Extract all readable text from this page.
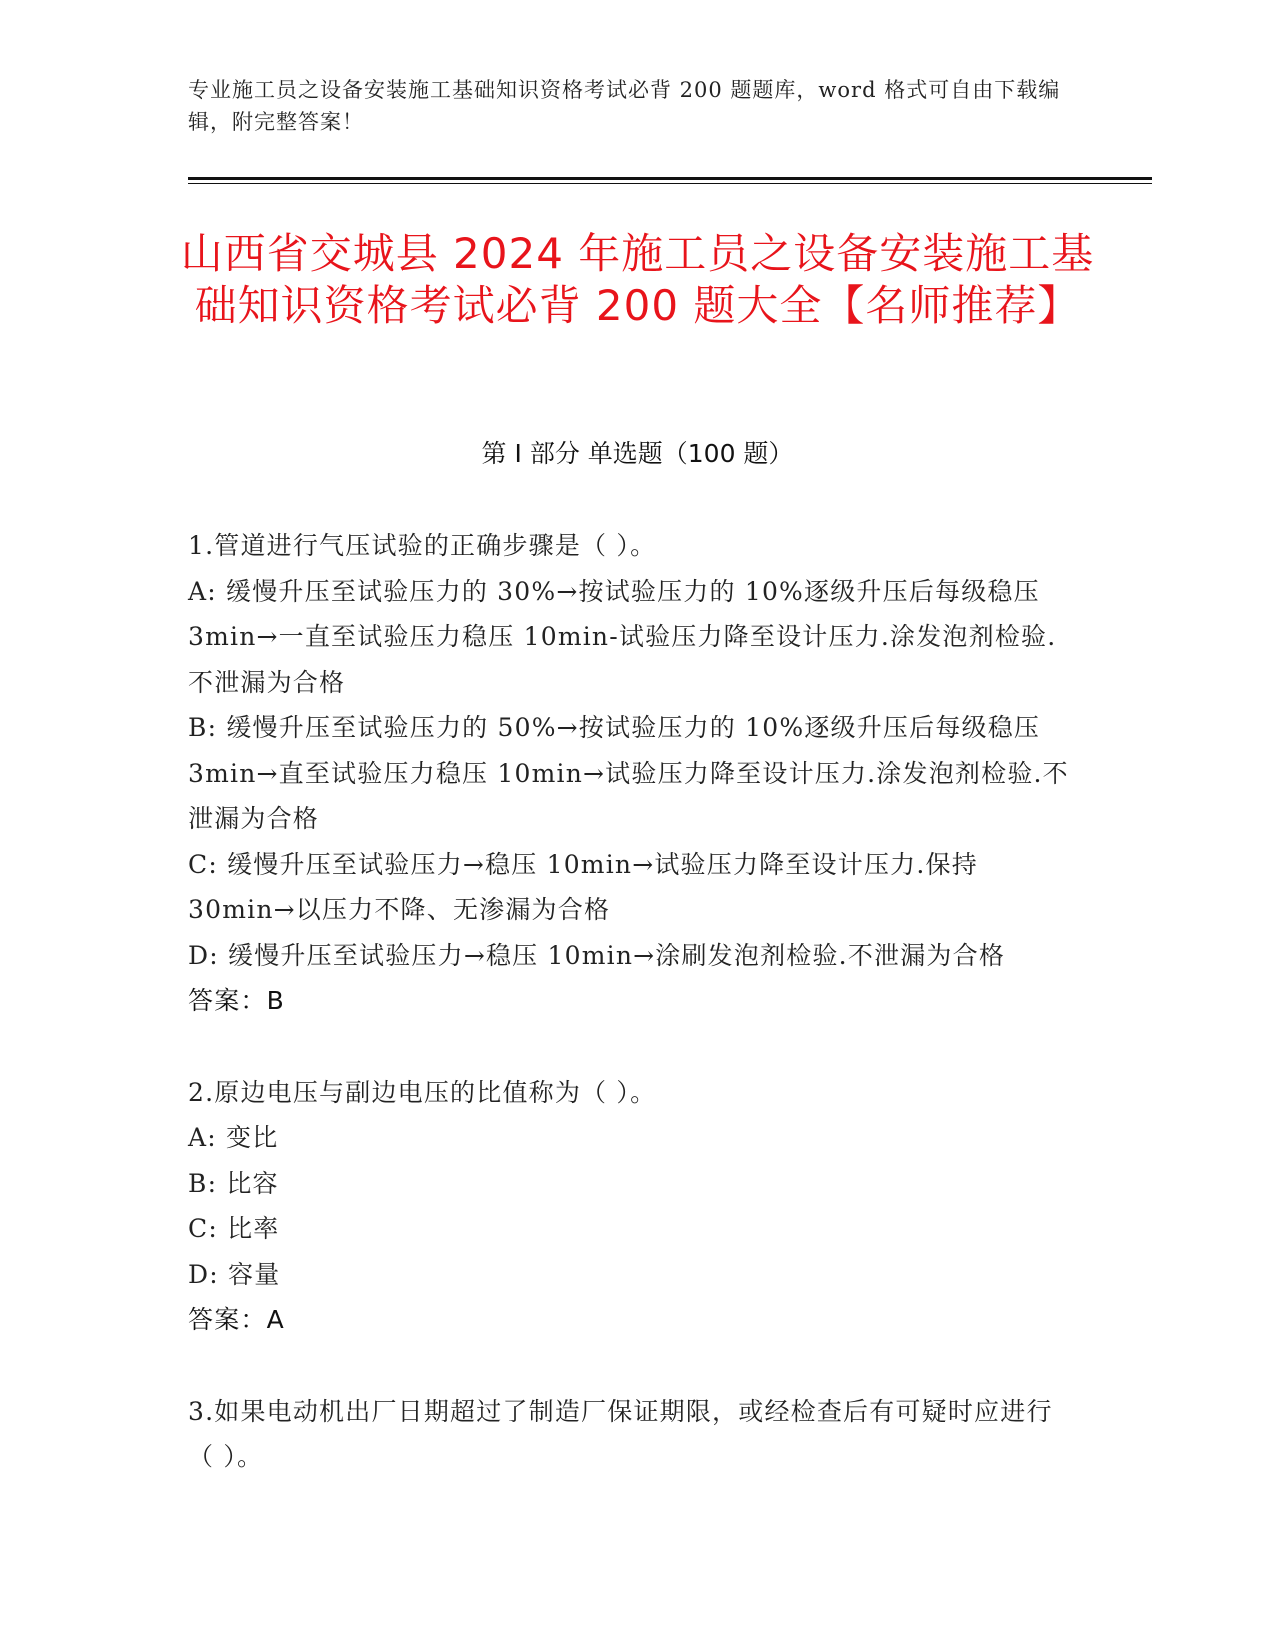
专业施工员之设备安装施工基础知识资格考试必背 200 题题库，word 格式可自由下载编辑，附完整答案！
山西省交城县 2024 年施工员之设备安装施工基础知识资格考试必背 200 题大全【名师推荐】
第 I 部分 单选题（100 题）

1.管道进行气压试验的正确步骤是（ ）。

A: 缓慢升压至试验压力的 30%→按试验压力的 10%逐级升压后每级稳压 3min→一直至试验压力稳压 10min-试验压力降至设计压力.涂发泡剂检验.不泄漏为合格

B: 缓慢升压至试验压力的 50%→按试验压力的 10%逐级升压后每级稳压 3min→直至试验压力稳压 10min→试验压力降至设计压力.涂发泡剂检验.不泄漏为合格

C: 缓慢升压至试验压力→稳压 10min→试验压力降至设计压力.保持 30min→以压力不降、无渗漏为合格

D: 缓慢升压至试验压力→稳压 10min→涂刷发泡剂检验.不泄漏为合格

答案：B

2.原边电压与副边电压的比值称为（ ）。

A: 变比

B: 比容

C: 比率

D: 容量

答案：A

3.如果电动机出厂日期超过了制造厂保证期限，或经检查后有可疑时应进行（ ）。
